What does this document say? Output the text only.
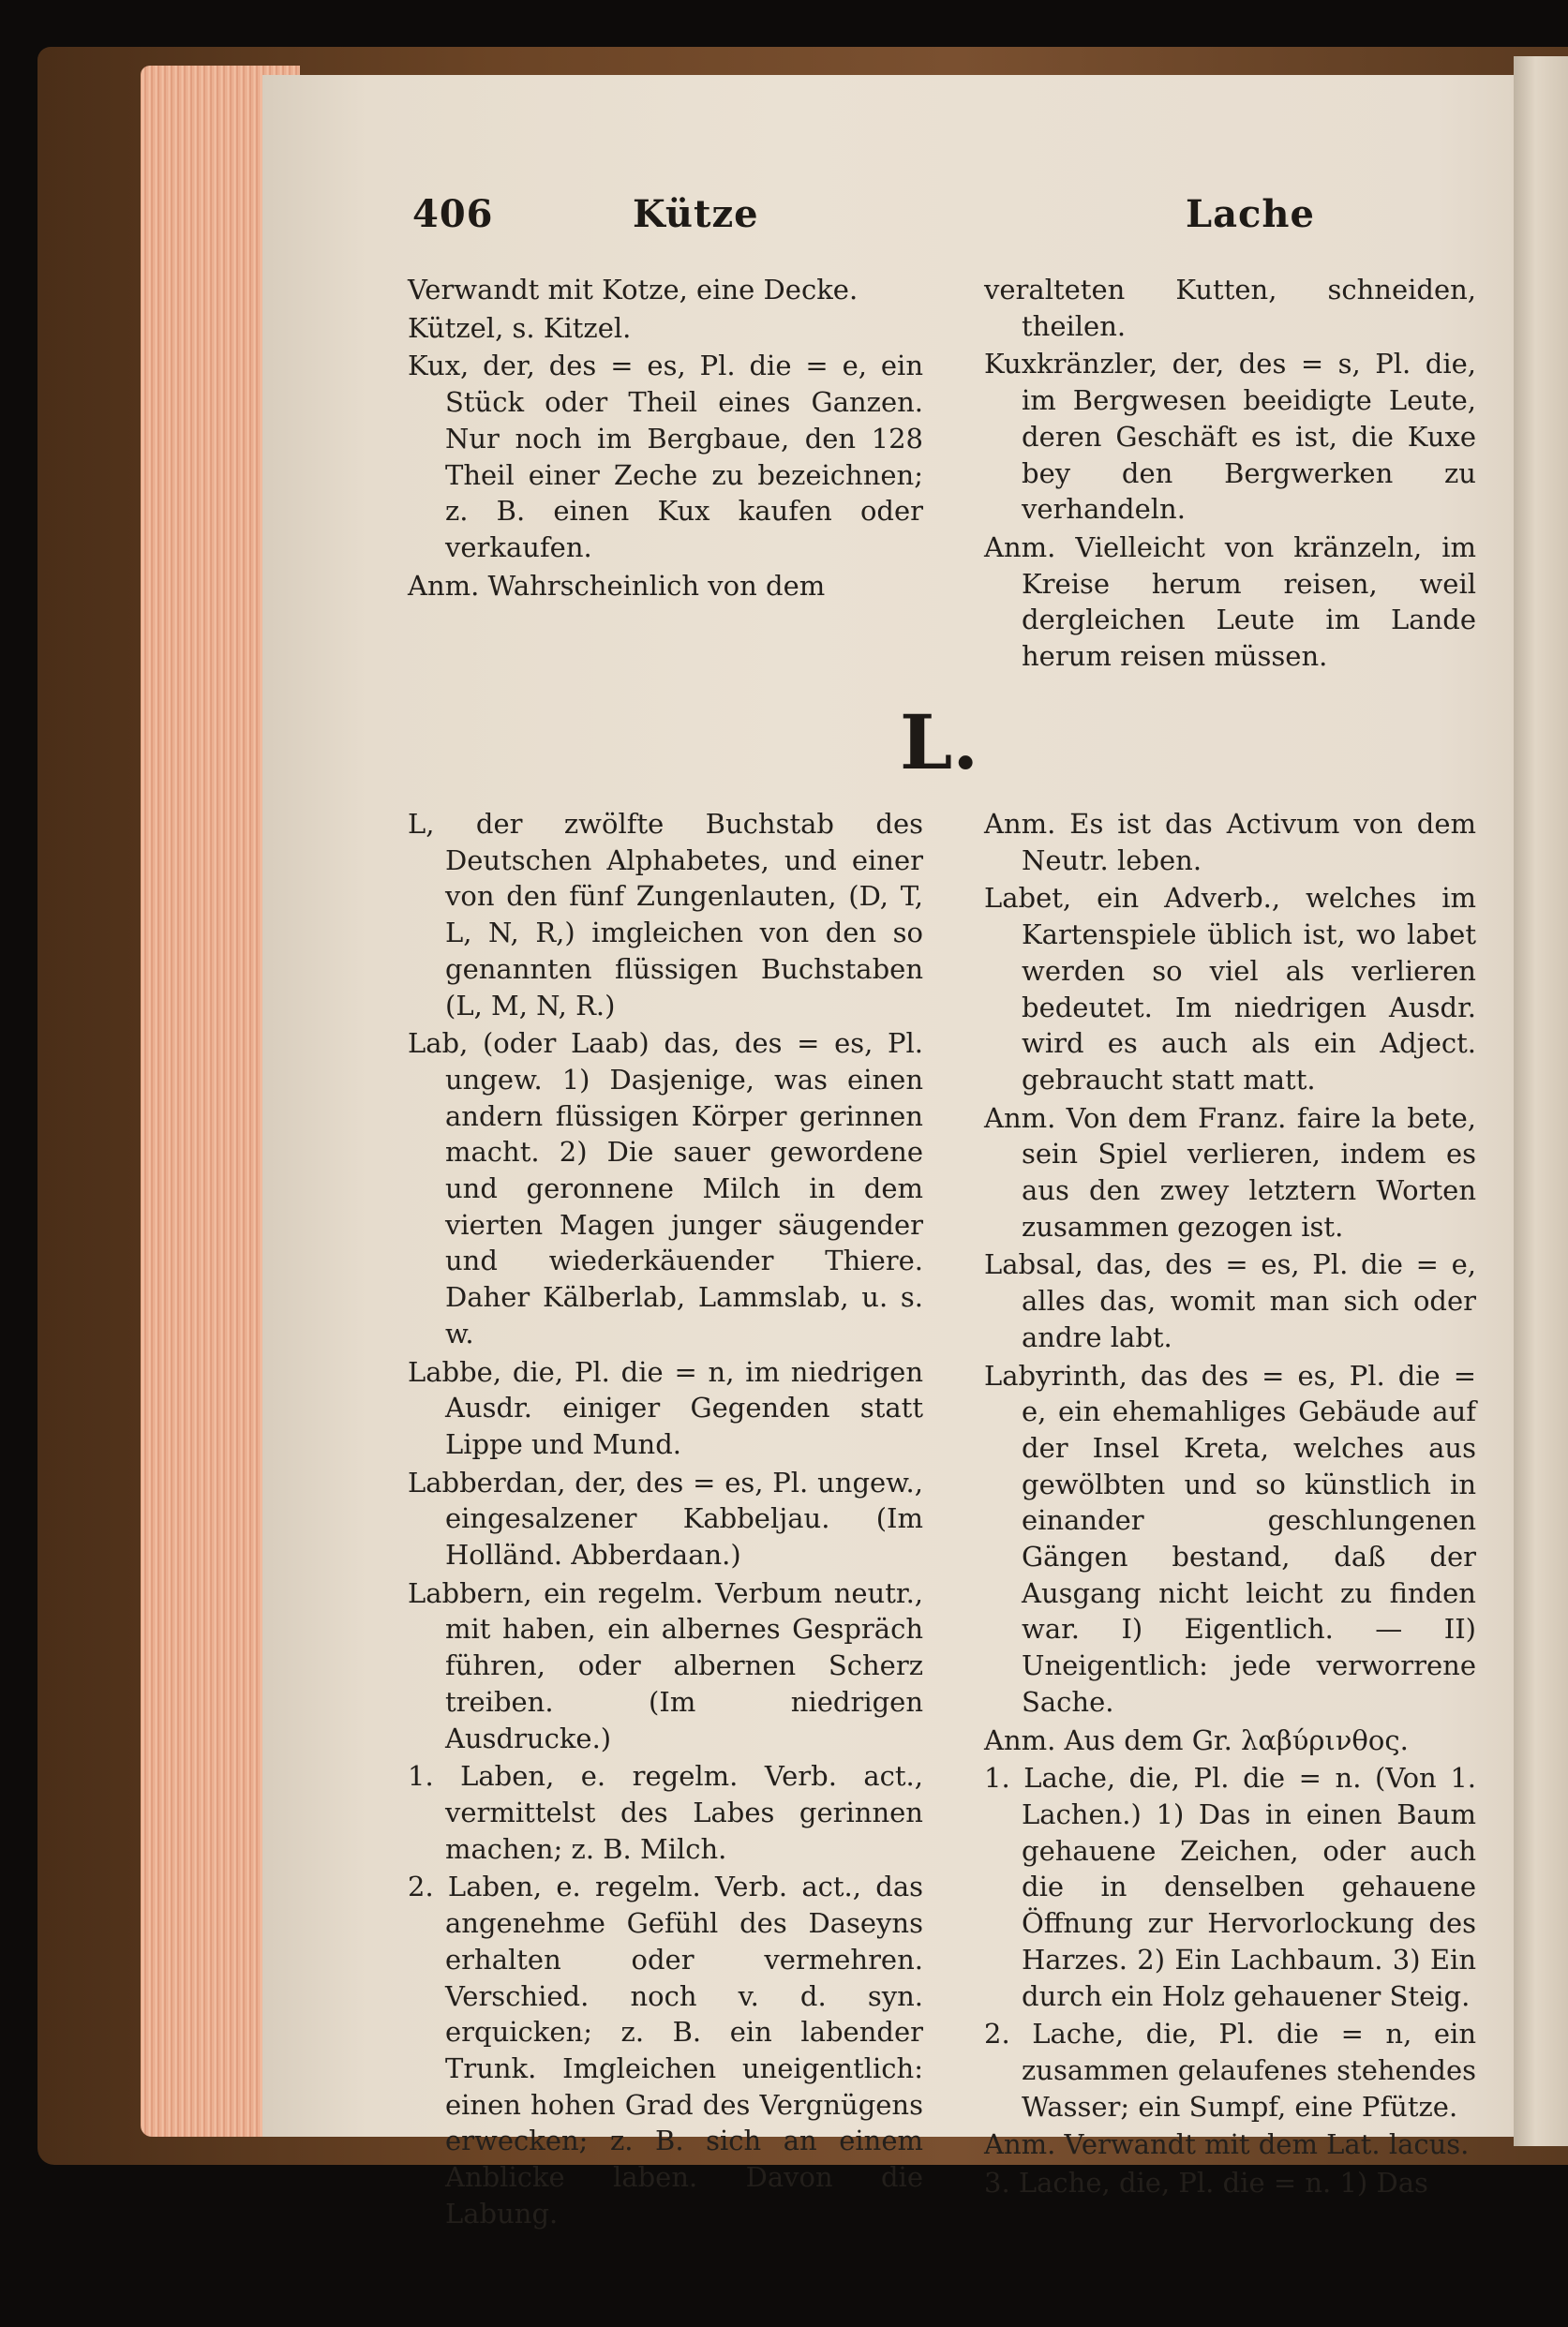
406	Kütze	Lache

Verwandt mit Kotze, eine Decke.

Kützel, s. Kitzel.

Kux, der, des = es, Pl. die = e, ein Stück oder Theil eines Ganzen. Nur noch im Bergbaue, den 128 Theil einer Zeche zu bezeichnen; z. B. einen Kux kaufen oder verkaufen.

Anm. Wahrscheinlich von dem

veralteten Kutten, schneiden, theilen.

Kuxkränzler, der, des = s, Pl. die, im Bergwesen beeidigte Leute, deren Geschäft es ist, die Kuxe bey den Bergwerken zu verhandeln.

Anm. Vielleicht von kränzeln, im Kreise herum reisen, weil dergleichen Leute im Lande herum reisen müssen.

L.

L, der zwölfte Buchstab des Deutschen Alphabetes, und einer von den fünf Zungenlauten, (D, T, L, N, R,) imgleichen von den so genannten flüssigen Buchstaben (L, M, N, R.)

Lab, (oder Laab) das, des = es, Pl. ungew. 1) Dasjenige, was einen andern flüssigen Körper gerinnen macht. 2) Die sauer gewordene und geronnene Milch in dem vierten Magen junger säugender und wiederkäuender Thiere. Daher Kälberlab, Lammslab, u. s. w.

Labbe, die, Pl. die = n, im niedrigen Ausdr. einiger Gegenden statt Lippe und Mund.

Labberdan, der, des = es, Pl. ungew., eingesalzener Kabbeljau. (Im Holländ. Abberdaan.)

Labbern, ein regelm. Verbum neutr., mit haben, ein albernes Gespräch führen, oder albernen Scherz treiben. (Im niedrigen Ausdrucke.)

1. Laben, e. regelm. Verb. act., vermittelst des Labes gerinnen machen; z. B. Milch.

2. Laben, e. regelm. Verb. act., das angenehme Gefühl des Daseyns erhalten oder vermehren. Verschied. noch v. d. syn. erquicken; z. B. ein labender Trunk. Imgleichen uneigentlich: einen hohen Grad des Vergnügens erwecken; z. B. sich an einem Anblicke laben. Davon die Labung.

Anm. Es ist das Activum von dem Neutr. leben.

Labet, ein Adverb., welches im Kartenspiele üblich ist, wo labet werden so viel als verlieren bedeutet. Im niedrigen Ausdr. wird es auch als ein Adject. gebraucht statt matt.

Anm. Von dem Franz. faire la bete, sein Spiel verlieren, indem es aus den zwey letztern Worten zusammen gezogen ist.

Labsal, das, des = es, Pl. die = e, alles das, womit man sich oder andre labt.

Labyrinth, das des = es, Pl. die = e, ein ehemahliges Gebäude auf der Insel Kreta, welches aus gewölbten und so künstlich in einander geschlungenen Gängen bestand, daß der Ausgang nicht leicht zu finden war. I) Eigentlich. — II) Uneigentlich: jede verworrene Sache.

Anm. Aus dem Gr. λαβύρινθος.

1. Lache, die, Pl. die = n. (Von 1. Lachen.) 1) Das in einen Baum gehauene Zeichen, oder auch die in denselben gehauene Öffnung zur Hervorlockung des Harzes. 2) Ein Lachbaum. 3) Ein durch ein Holz gehauener Steig.

2. Lache, die, Pl. die = n, ein zusammen gelaufenes stehendes Wasser; ein Sumpf, eine Pfütze.

Anm. Verwandt mit dem Lat. lacus.

3. Lache, die, Pl. die = n. 1) Das
